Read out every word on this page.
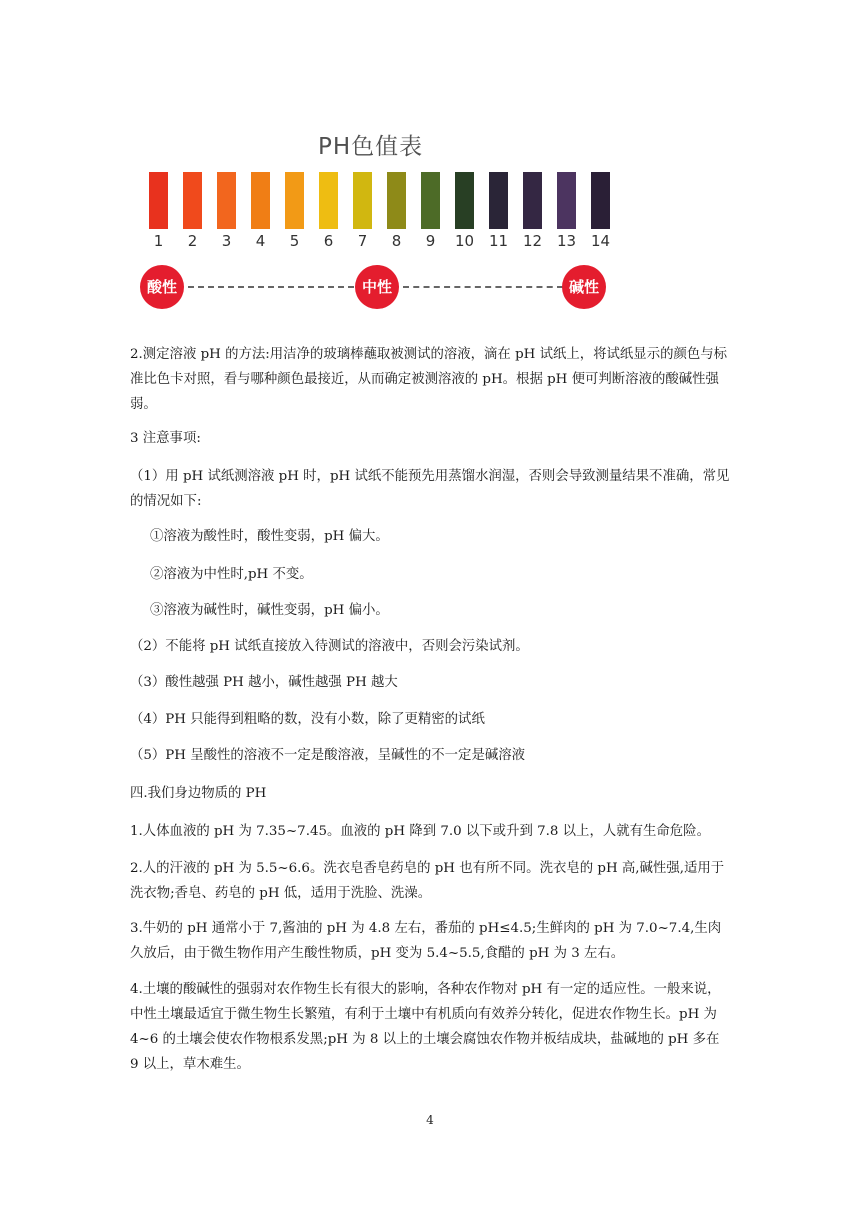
PH色值表
1	2	3	4	5	6	7	8	9	10 11 12 13 14
酸性	中性	碱性

2.测定溶液 pH 的方法:用洁净的玻璃棒蘸取被测试的溶液，滴在 pH 试纸上，将试纸显示的颜色与标准比色卡对照，看与哪种颜色最接近，从而确定被测溶液的 pH。根据 pH 便可判断溶液的酸碱性强弱。

3 注意事项:

（1）用 pH 试纸测溶液 pH 时，pH 试纸不能预先用蒸馏水润湿，否则会导致测量结果不准确，常见的情况如下:

①溶液为酸性时，酸性变弱，pH 偏大。

②溶液为中性时,pH 不变。

③溶液为碱性时，碱性变弱，pH 偏小。

（2）不能将 pH 试纸直接放入待测试的溶液中，否则会污染试剂。

（3）酸性越强 PH 越小，碱性越强 PH 越大

（4）PH 只能得到粗略的数，没有小数，除了更精密的试纸

（5）PH 呈酸性的溶液不一定是酸溶液，呈碱性的不一定是碱溶液

四.我们身边物质的 PH

1.人体血液的 pH 为 7.35~7.45。血液的 pH 降到 7.0 以下或升到 7.8 以上，人就有生命危险。

2.人的汗液的 pH 为 5.5~6.6。洗衣皂香皂药皂的 pH 也有所不同。洗衣皂的 pH 高,碱性强,适用于洗衣物;香皂、药皂的 pH 低，适用于洗脸、洗澡。

3.牛奶的 pH 通常小于 7,酱油的 pH 为 4.8 左右，番茄的 pH≤4.5;生鲜肉的 pH 为 7.0~7.4,生肉久放后，由于微生物作用产生酸性物质，pH 变为 5.4~5.5,食醋的 pH 为 3 左右。

4.土壤的酸碱性的强弱对农作物生长有很大的影响，各种农作物对 pH 有一定的适应性。一般来说，中性土壤最适宜于微生物生长繁殖，有利于土壤中有机质向有效养分转化，促进农作物生长。pH 为 4~6 的土壤会使农作物根系发黑;pH 为 8 以上的土壤会腐蚀农作物并板结成块，盐碱地的 pH 多在 9 以上，草木难生。

4
